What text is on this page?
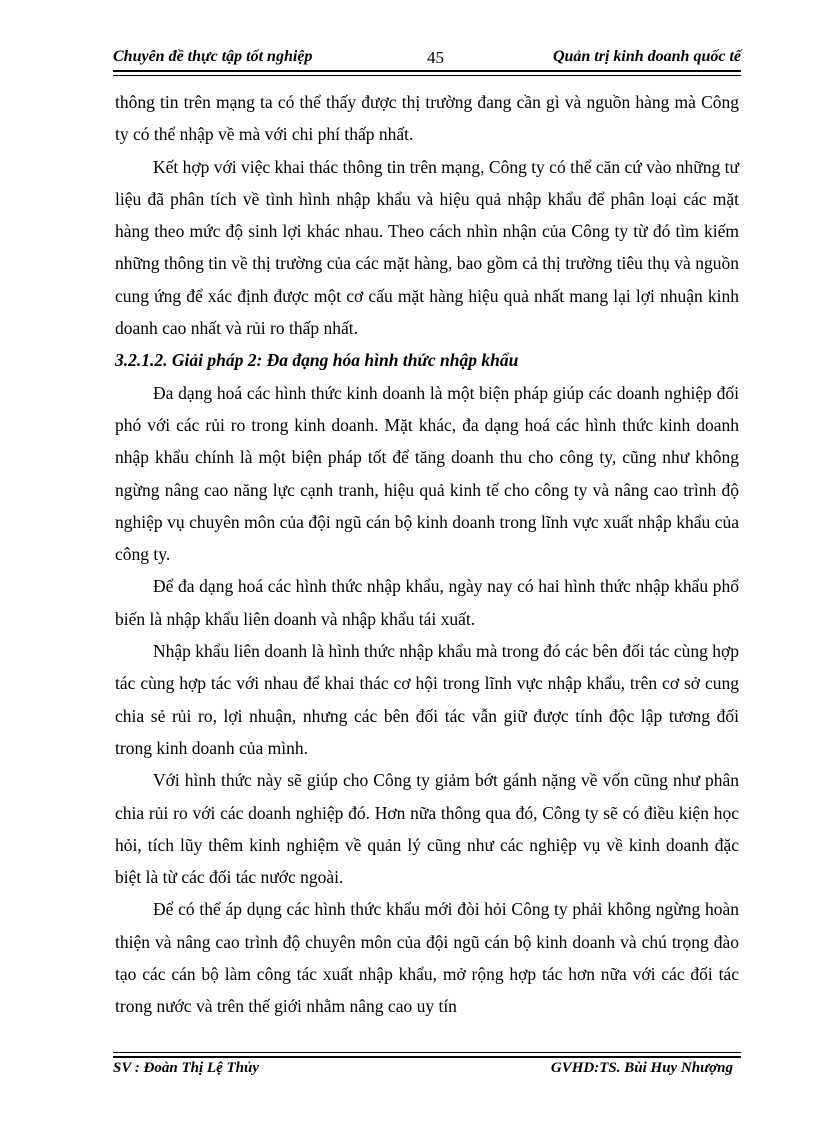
Chuyên đề thực tập tốt nghiệp	45	Quản trị kinh doanh quốc tế

thông tin trên mạng ta có thể thấy được thị trường đang cần gì và nguồn hàng mà Công ty có thể nhập về mà với chi phí thấp nhất.

Kết hợp với việc khai thác thông tin trên mạng, Công ty có thể căn cứ vào những tư liệu đã phân tích về tình hình nhập khẩu và hiệu quả nhập khẩu để phân loại các mặt hàng theo mức độ sinh lợi khác nhau. Theo cách nhìn nhận của Công ty từ đó tìm kiếm những thông tin về thị trường của các mặt hàng, bao gồm cả thị trường tiêu thụ và nguồn cung ứng để xác định được một cơ cấu mặt hàng hiệu quả nhất mang lại lợi nhuận kinh doanh cao nhất và rủi ro thấp nhất.

3.2.1.2. Giải pháp 2: Đa đạng hóa hình thức nhập khẩu

Đa dạng hoá các hình thức kinh doanh là một biện pháp giúp các doanh nghiệp đối phó với các rủi ro trong kinh doanh. Mặt khác, đa dạng hoá các hình thức kinh doanh nhập khẩu chính là một biện pháp tốt để tăng doanh thu cho công ty, cũng như không ngừng nâng cao năng lực cạnh tranh, hiệu quả kinh tế cho công ty và nâng cao trình độ nghiệp vụ chuyên môn của đội ngũ cán bộ kinh doanh trong lĩnh vực xuất nhập khẩu của công ty.

Để đa dạng hoá các hình thức nhập khẩu, ngày nay có hai hình thức nhập khẩu phổ biến là nhập khẩu liên doanh và nhập khẩu tái xuất.

Nhập khẩu liên doanh là hình thức nhập khẩu mà trong đó các bên đối tác cùng hợp tác cùng hợp tác với nhau để khai thác cơ hội trong lĩnh vực nhập khẩu, trên cơ sở cung chia sẻ rủi ro, lợi nhuận, nhưng các bên đối tác vẫn giữ được tính độc lập tương đối trong kinh doanh của mình.

Với hình thức này sẽ giúp cho Công ty giảm bớt gánh nặng về vốn cũng như phân chia rủi ro với các doanh nghiệp đó. Hơn nữa thông qua đó, Công ty sẽ có điều kiện học hỏi, tích lũy thêm kinh nghiệm về quản lý cũng như các nghiệp vụ về kinh doanh đặc biệt là từ các đối tác nước ngoài.

Để có thể áp dụng các hình thức khẩu mới đòi hỏi Công ty phải không ngừng hoàn thiện và nâng cao trình độ chuyên môn của đội ngũ cán bộ kinh doanh và chú trọng đào tạo các cán bộ làm công tác xuất nhập khẩu, mở rộng hợp tác hơn nữa với các đối tác trong nước và trên thế giới nhằm nâng cao uy tín

SV : Đoàn Thị Lệ Thủy	GVHD:TS. Bùi Huy Nhượng
